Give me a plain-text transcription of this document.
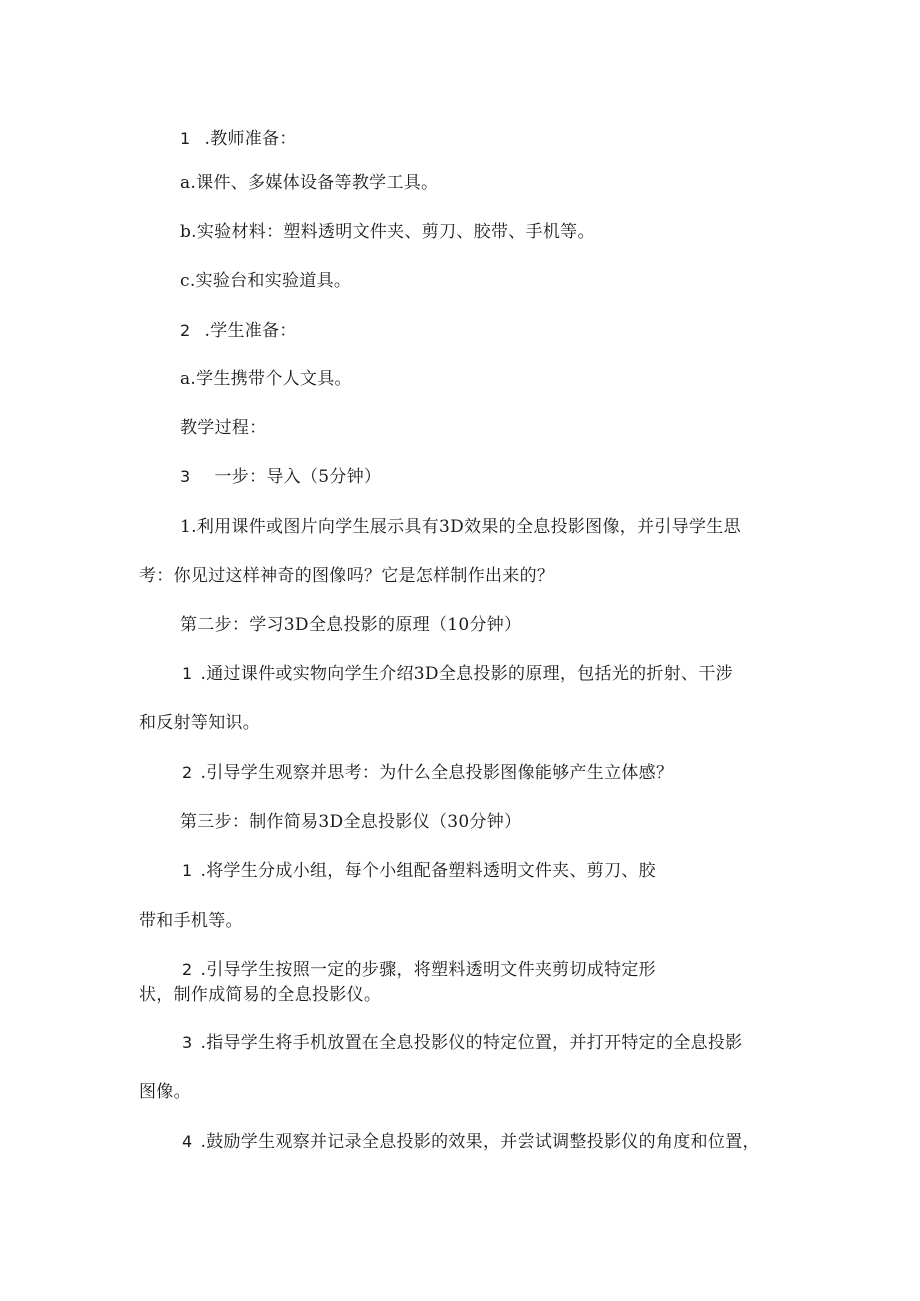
1 .教师准备：
a.课件、多媒体设备等教学工具。
b.实验材料：塑料透明文件夹、剪刀、胶带、手机等。
c.实验台和实验道具。
2 .学生准备：
a.学生携带个人文具。
教学过程：
3 一步：导入（5分钟）
1.利用课件或图片向学生展示具有3D效果的全息投影图像，并引导学生思
考：你见过这样神奇的图像吗？它是怎样制作出来的？
第二步：学习3D全息投影的原理（10分钟）
1 .通过课件或实物向学生介绍3D全息投影的原理，包括光的折射、干涉
和反射等知识。
2 .引导学生观察并思考：为什么全息投影图像能够产生立体感？
第三步：制作简易3D全息投影仪（30分钟）
1 .将学生分成小组，每个小组配备塑料透明文件夹、剪刀、胶
带和手机等。
2 .引导学生按照一定的步骤，将塑料透明文件夹剪切成特定形
状，制作成简易的全息投影仪。
3 .指导学生将手机放置在全息投影仪的特定位置，并打开特定的全息投影
图像。
4 .鼓励学生观察并记录全息投影的效果，并尝试调整投影仪的角度和位置，
